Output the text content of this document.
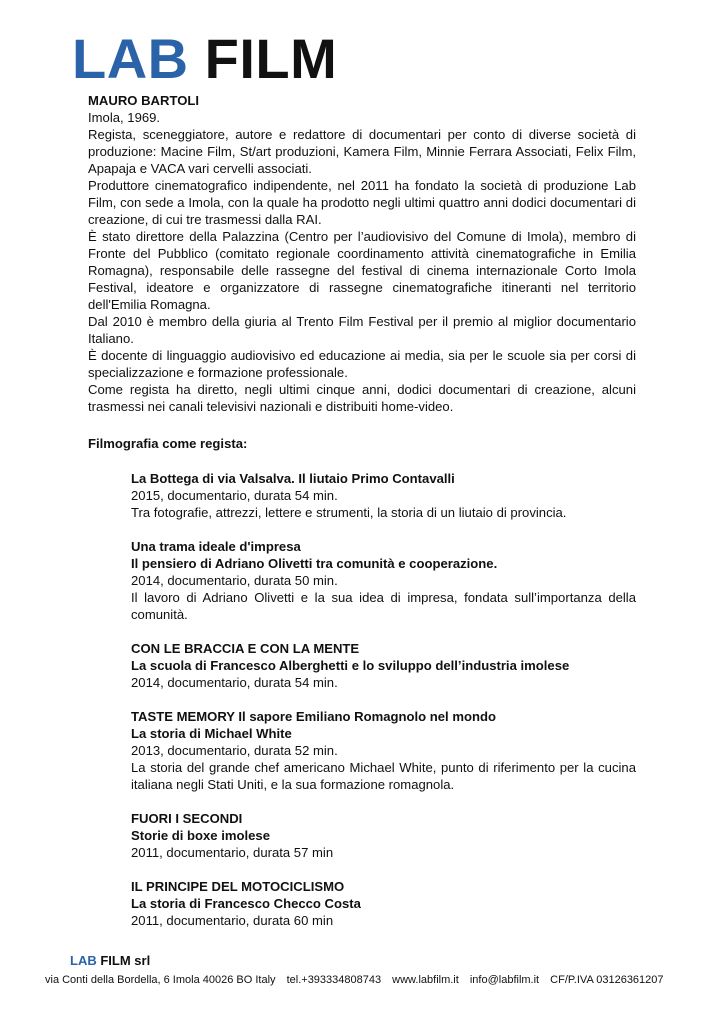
LAB FILM

MAURO BARTOLI

Imola, 1969.

Regista, sceneggiatore, autore e redattore di documentari per conto di diverse società di produzione: Macine Film, St/art produzioni, Kamera Film, Minnie Ferrara Associati, Felix Film, Apapaja e VACA vari cervelli associati.

Produttore cinematografico indipendente, nel 2011 ha fondato la società di produzione Lab Film, con sede a Imola, con la quale ha prodotto negli ultimi quattro anni dodici documentari di creazione, di cui tre trasmessi dalla RAI.

È stato direttore della Palazzina (Centro per l’audiovisivo del Comune di Imola), membro di Fronte del Pubblico (comitato regionale coordinamento attività cinematografiche in Emilia Romagna), responsabile delle rassegne del festival di cinema internazionale Corto Imola Festival, ideatore e organizzatore di rassegne cinematografiche itineranti nel territorio dell'Emilia Romagna.

Dal 2010 è membro della giuria al Trento Film Festival per il premio al miglior documentario Italiano.

È docente di linguaggio audiovisivo ed educazione ai media, sia per le scuole sia per corsi di specializzazione e formazione professionale.

Come regista ha diretto, negli ultimi cinque anni, dodici documentari di creazione, alcuni trasmessi nei canali televisivi nazionali e distribuiti home-video.

Filmografia come regista:

La Bottega di via Valsalva. Il liutaio Primo Contavalli

2015, documentario, durata 54 min.

Tra fotografie, attrezzi, lettere e strumenti, la storia di un liutaio di provincia.

Una trama ideale d'impresa

Il pensiero di Adriano Olivetti tra comunità e cooperazione.

2014, documentario, durata 50 min.

Il lavoro di Adriano Olivetti e la sua idea di impresa, fondata sull’importanza della comunità.

CON LE BRACCIA E CON LA MENTE

La scuola di Francesco Alberghetti e lo sviluppo dell’industria imolese

2014, documentario, durata 54 min.

TASTE MEMORY Il sapore Emiliano Romagnolo nel mondo

La storia di Michael White

2013, documentario, durata 52 min.

La storia del grande chef americano Michael White, punto di riferimento per la cucina italiana negli Stati Uniti, e la sua formazione romagnola.

FUORI I SECONDI

Storie di boxe imolese

2011, documentario, durata 57 min

IL PRINCIPE DEL MOTOCICLISMO

La storia di Francesco Checco Costa

2011, documentario, durata 60 min

LAB FILM srl
via Conti della Bordella, 6 Imola 40026 BO Italy tel.+393334808743 www.labfilm.it info@labfilm.it CF/P.IVA 03126361207
